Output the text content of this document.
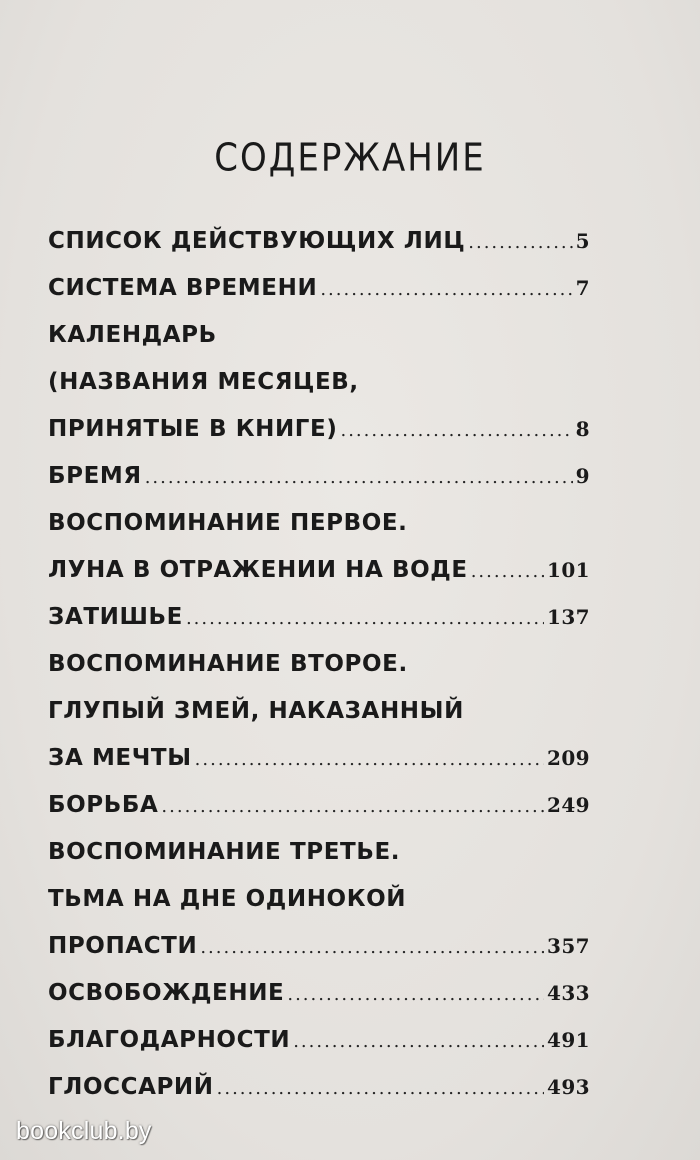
СОДЕРЖАНИЕ
СПИСОК ДЕЙСТВУЮЩИХ ЛИЦ .....	5
СИСТЕМА ВРЕМЕНИ .....	7
КАЛЕНДАРЬ
(НАЗВАНИЯ МЕСЯЦЕВ,
ПРИНЯТЫЕ В КНИГЕ) .....	8
БРЕМЯ .....	9
ВОСПОМИНАНИЕ ПЕРВОЕ.
ЛУНА В ОТРАЖЕНИИ НА ВОДЕ .....	101
ЗАТИШЬЕ .....	137
ВОСПОМИНАНИЕ ВТОРОЕ.
ГЛУПЫЙ ЗМЕЙ, НАКАЗАННЫЙ
ЗА МЕЧТЫ .....	209
БОРЬБА .....	249
ВОСПОМИНАНИЕ ТРЕТЬЕ.
ТЬМА НА ДНЕ ОДИНОКОЙ
ПРОПАСТИ .....	357
ОСВОБОЖДЕНИЕ .....	433
БЛАГОДАРНОСТИ .....	491
ГЛОССАРИЙ .....	493
bookclub.by
